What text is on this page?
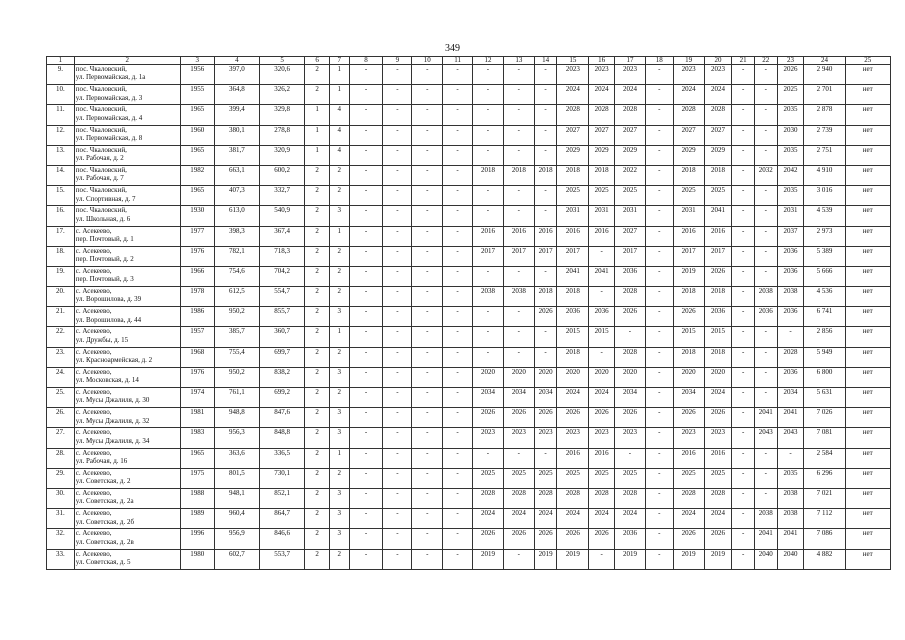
349
1	2	3	4	5	6	7	8	9	10	11	12	13	14	15	16	17	18	19	20	21	22	23	24	25
9.	пос. Чкаловский,
ул. Первомайская, д. 1а	1956	397,0	320,6	2	1	-	-	-	-	-	-	-	2023	2023	2023	-	2023	2023	-	-	2026	2 940	нет
10.	пос. Чкаловский,
ул. Первомайская, д. 3	1955	364,8	326,2	2	1	-	-	-	-	-	-	-	2024	2024	2024	-	2024	2024	-	-	2025	2 701	нет
11.	пос. Чкаловский,
ул. Первомайская, д. 4	1965	399,4	329,8	1	4	-	-	-	-	-	-	-	2028	2028	2028	-	2028	2028	-	-	2035	2 878	нет
12.	пос. Чкаловский,
ул. Первомайская, д. 8	1960	380,1	278,8	1	4	-	-	-	-	-	-	-	2027	2027	2027	-	2027	2027	-	-	2030	2 739	нет
13.	пос. Чкаловский,
ул. Рабочая, д. 2	1965	381,7	320,9	1	4	-	-	-	-	-	-	-	2029	2029	2029	-	2029	2029	-	-	2035	2 751	нет
14.	пос. Чкаловский,
ул. Рабочая, д. 7	1982	663,1	600,2	2	2	-	-	-	-	2018	2018	2018	2018	2018	2022	-	2018	2018	-	2032	2042	4 910	нет
15.	пос. Чкаловский,
ул. Спортивная, д. 7	1965	407,3	332,7	2	2	-	-	-	-	-	-	-	2025	2025	2025	-	2025	2025	-	-	2035	3 016	нет
16.	пос. Чкаловский,
ул. Школьная, д. 6	1930	613,0	540,9	2	3	-	-	-	-	-	-	-	2031	2031	2031	-	2031	2041	-	-	2031	4 539	нет
17.	с. Асекеево,
пер. Почтовый, д. 1	1977	398,3	367,4	2	1	-	-	-	-	2016	2016	2016	2016	2016	2027	-	2016	2016	-	-	2037	2 973	нет
18.	с. Асекеево,
пер. Почтовый, д. 2	1976	782,1	718,3	2	2	-	-	-	-	2017	2017	2017	2017	-	2017	-	2017	2017	-	-	2036	5 389	нет
19.	с. Асекеево,
пер. Почтовый, д. 3	1966	754,6	704,2	2	2	-	-	-	-	-	-	-	2041	2041	2036	-	2019	2026	-	-	2036	5 666	нет
20.	с. Асекеево,
ул. Ворошилова, д. 39	1978	612,5	554,7	2	2	-	-	-	-	2038	2038	2018	2018	-	2028	-	2018	2018	-	2038	2038	4 536	нет
21.	с. Асекеево,
ул. Ворошилова, д. 44	1986	950,2	855,7	2	3	-	-	-	-	-	-	2026	2036	2036	2026	-	2026	2036	-	2036	2036	6 741	нет
22.	с. Асекеево,
ул. Дружбы, д. 15	1957	385,7	360,7	2	1	-	-	-	-	-	-	-	2015	2015	-	-	2015	2015	-	-	-	2 856	нет
23.	с. Асекеево,
ул. Красноармейская, д. 2	1968	755,4	699,7	2	2	-	-	-	-	-	-	-	2018	-	2028	-	2018	2018	-	-	2028	5 949	нет
24.	с. Асекеево,
ул. Московская, д. 14	1976	950,2	838,2	2	3	-	-	-	-	2020	2020	2020	2020	2020	2020	-	2020	2020	-	-	2036	6 800	нет
25.	с. Асекеево,
ул. Мусы Джалиля, д. 30	1974	761,1	699,2	2	2	-	-	-	-	2034	2034	2034	2024	2024	2034	-	2034	2024	-	-	2034	5 631	нет
26.	с. Асекеево,
ул. Мусы Джалиля, д. 32	1981	948,8	847,6	2	3	-	-	-	-	2026	2026	2026	2026	2026	2026	-	2026	2026	-	2041	2041	7 026	нет
27.	с. Асекеево,
ул. Мусы Джалиля, д. 34	1983	956,3	848,8	2	3	-	-	-	-	2023	2023	2023	2023	2023	2023	-	2023	2023	-	2043	2043	7 081	нет
28.	с. Асекеево,
ул. Рабочая, д. 16	1965	363,6	336,5	2	1	-	-	-	-	-	-	-	2016	2016	-	-	2016	2016	-	-	-	2 584	нет
29.	с. Асекеево,
ул. Советская, д. 2	1975	801,5	730,1	2	2	-	-	-	-	2025	2025	2025	2025	2025	2025	-	2025	2025	-	-	2035	6 296	нет
30.	с. Асекеево,
ул. Советская, д. 2а	1988	948,1	852,1	2	3	-	-	-	-	2028	2028	2028	2028	2028	2028	-	2028	2028	-	-	2038	7 021	нет
31.	с. Асекеево,
ул. Советская, д. 2б	1989	960,4	864,7	2	3	-	-	-	-	2024	2024	2024	2024	2024	2024	-	2024	2024	-	2038	2038	7 112	нет
32.	с. Асекеево,
ул. Советская, д. 2в	1996	956,9	846,6	2	3	-	-	-	-	2026	2026	2026	2026	2026	2036	-	2026	2026	-	2041	2041	7 086	нет
33.	с. Асекеево,
ул. Советская, д. 5	1980	602,7	553,7	2	2	-	-	-	-	2019	-	2019	2019	-	2019	-	2019	2019	-	2040	2040	4 882	нет
